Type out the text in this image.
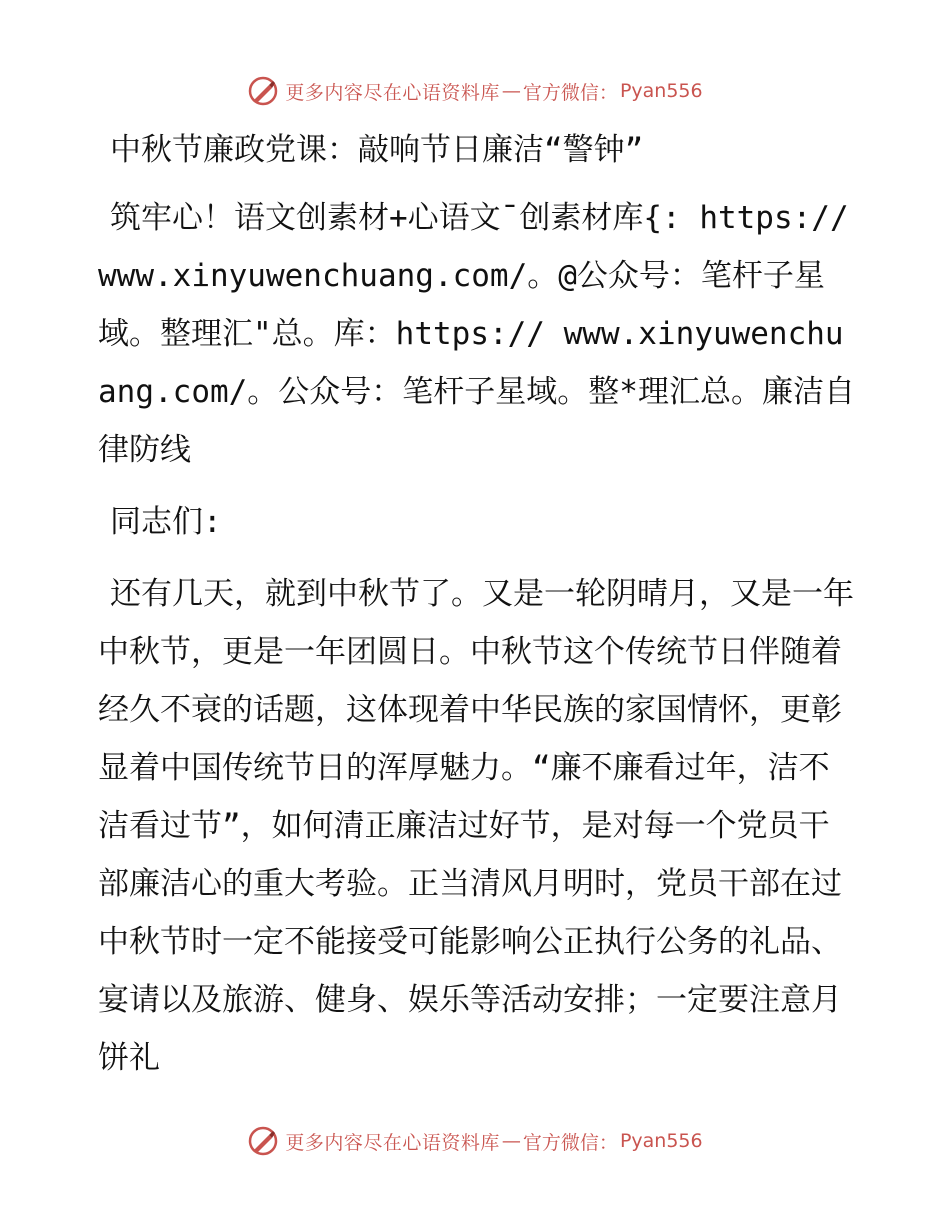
更多内容尽在心语资料库 — 官方微信： Pyan556

中秋节廉政党课：敲响节日廉洁“警钟”

筑牢心！语文创素材+心语文¯创素材库{: https://www.xinyuwenchuang.com/。@公众号：笔杆子星域。整理汇"总。库：https:// www.xinyuwenchuang.com/。公众号：笔杆子星域。整*理汇总。廉洁自律防线

同志们:

还有几天，就到中秋节了。又是一轮阴晴月，又是一年中秋节，更是一年团圆日。中秋节这个传统节日伴随着经久不衰的话题，这体现着中华民族的家国情怀，更彰显着中国传统节日的浑厚魅力。“廉不廉看过年，洁不洁看过节”，如何清正廉洁过好节，是对每一个党员干部廉洁心的重大考验。正当清风月明时，党员干部在过中秋节时一定不能接受可能影响公正执行公务的礼品、宴请以及旅游、健身、娱乐等活动安排；一定要注意月饼礼

更多内容尽在心语资料库 — 官方微信： Pyan556
